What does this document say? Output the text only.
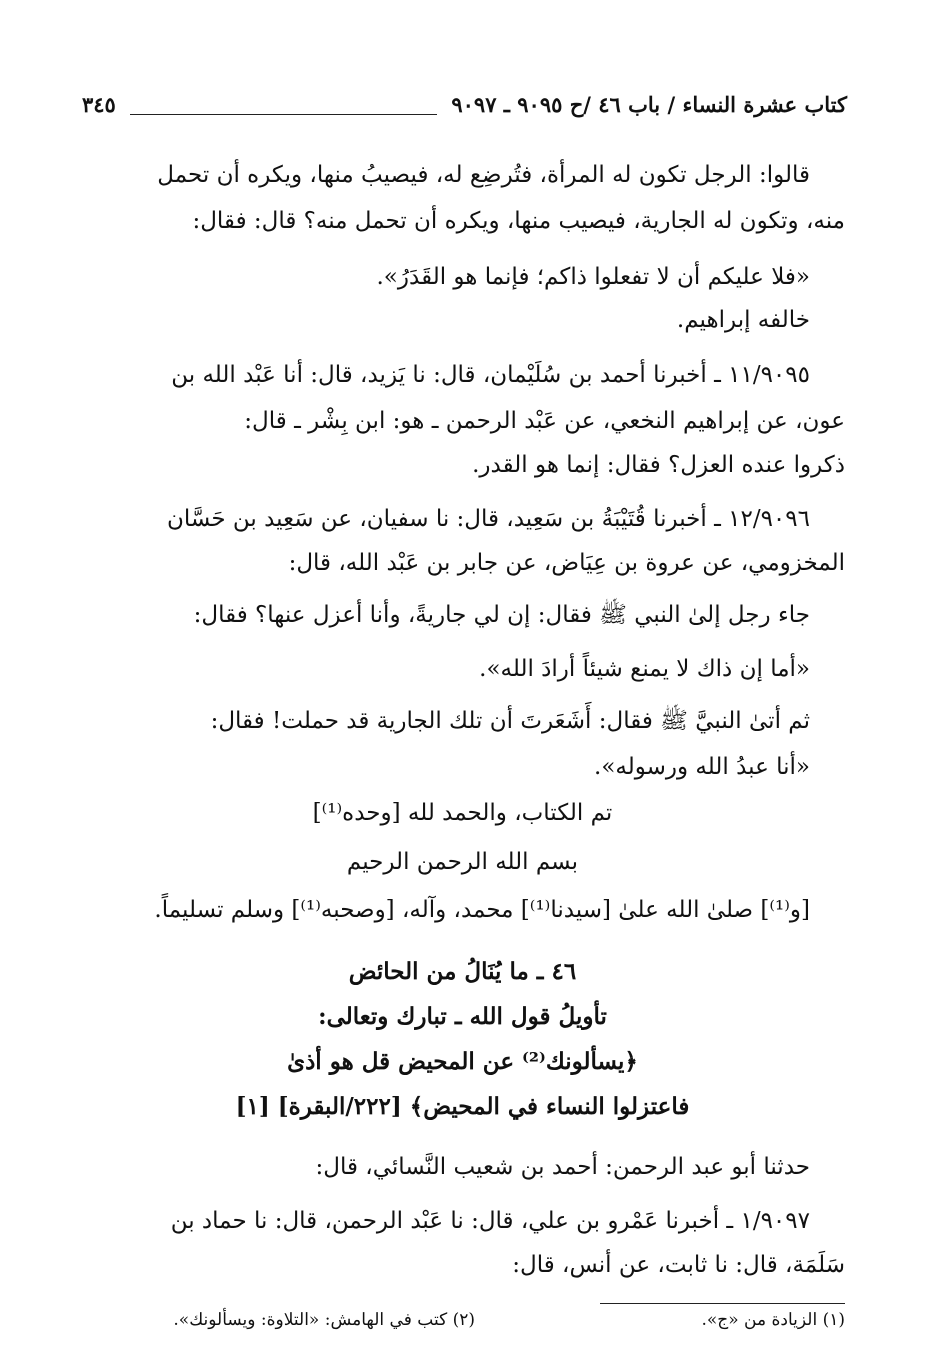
كتاب عشرة النساء / باب ٤٦ /ح ٩٠٩٥ ـ ٩٠٩٧
٣٤٥
قالوا: الرجل تكون له المرأة، فتُرضِع له، فيصيبُ منها، ويكره أن تحمل
منه، وتكون له الجارية، فيصيب منها، ويكره أن تحمل منه؟ قال: فقال:
«فلا عليكم أن لا تفعلوا ذاكم؛ فإنما هو القَدَرُ».
خالفه إبراهيم.
١١/٩٠٩٥ ـ أخبرنا أحمد بن سُلَيْمان، قال: نا يَزيد، قال: أنا عَبْد الله بن
عون، عن إبراهيم النخعي، عن عَبْد الرحمن ـ هو: ابن بِشْر ـ قال:
ذكروا عنده العزل؟ فقال: إنما هو القدر.
١٢/٩٠٩٦ ـ أخبرنا قُتَيْبَةُ بن سَعِيد، قال: نا سفيان، عن سَعِيد بن حَسَّان
المخزومي، عن عروة بن عِيَاض، عن جابر بن عَبْد الله، قال:
جاء رجل إلىٰ النبي ﷺ فقال: إن لي جاريةً، وأنا أعزل عنها؟ فقال:
«أما إن ذاك لا يمنع شيئاً أرادَ الله».
ثم أتىٰ النبيَّ ﷺ فقال: أَشَعَرتَ أن تلك الجارية قد حملت! فقال:
«أنا عبدُ الله ورسوله».
تم الكتاب، والحمد لله [وحده⁽¹⁾]
بسم الله الرحمن الرحيم
[و⁽¹⁾] صلىٰ الله علىٰ [سيدنا⁽¹⁾] محمد، وآله، [وصحبه⁽¹⁾] وسلم تسليماً.
٤٦ ـ ما يُنَالُ من الحائض
تأويلُ قول الله ـ تبارك وتعالى:
﴿يسألونك⁽²⁾ عن المحيض قل هو أذىٰ
فاعتزلوا النساء في المحيض﴾ [٢٢٢/البقرة] [١]
حدثنا أبو عبد الرحمن: أحمد بن شعيب النَّسائي، قال:
١/٩٠٩٧ ـ أخبرنا عَمْرو بن علي، قال: نا عَبْد الرحمن، قال: نا حماد بن
سَلَمَة، قال: نا ثابت، عن أنس، قال:
(١) الزيادة من «ج».
(٢) كتب في الهامش: «التلاوة: ويسألونك».
